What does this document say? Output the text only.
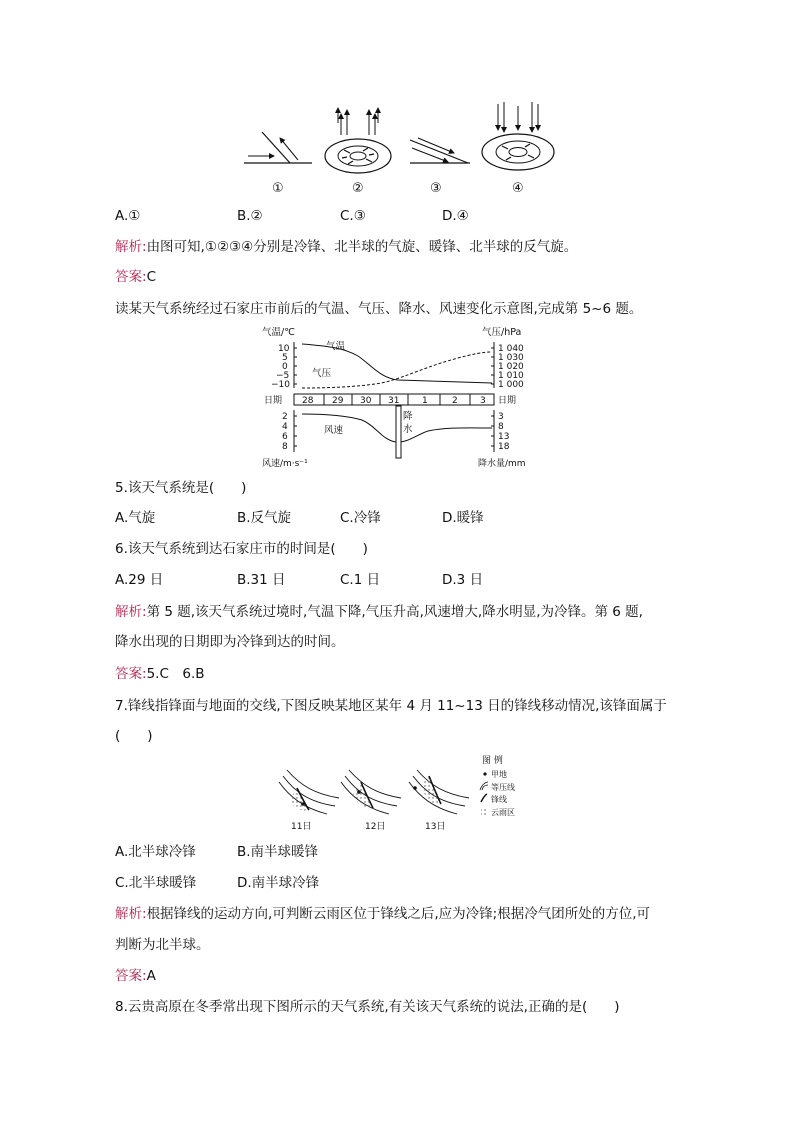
①	②	③	④
A.①	B.②	C.③	D.④
解析:由图可知,①②③④分别是冷锋、北半球的气旋、暖锋、北半球的反气旋。
答案:C
读某天气系统经过石家庄市前后的气温、气压、降水、风速变化示意图,完成第 5~6 题。
气温/℃	气压/hPa
10
5
0
−5
−10
1 040
1 030
1 020
1 010
1 000
气温
气压
日期	日期
28 29 30 31	1	2 3
2
4
6
8
3
8
13
18
风速
降
水
风速/m·s⁻¹	降水量/mm
5.该天气系统是(　　)
A.气旋	B.反气旋	C.冷锋	D.暖锋
6.该天气系统到达石家庄市的时间是(　　)
A.29 日	B.31 日	C.1 日	D.3 日
解析:第 5 题,该天气系统过境时,气温下降,气压升高,风速增大,降水明显,为冷锋。第 6 题,
降水出现的日期即为冷锋到达的时间。
答案:5.C　6.B
7.锋线指锋面与地面的交线,下图反映某地区某年 4 月 11~13 日的锋线移动情况,该锋面属于
(　　)
11日	12日	13日
图 例
甲地
等压线
锋线
云雨区
A.北半球冷锋	B.南半球暖锋
C.北半球暖锋	D.南半球冷锋
解析:根据锋线的运动方向,可判断云雨区位于锋线之后,应为冷锋;根据冷气团所处的方位,可
判断为北半球。
答案:A
8.云贵高原在冬季常出现下图所示的天气系统,有关该天气系统的说法,正确的是(　　)
